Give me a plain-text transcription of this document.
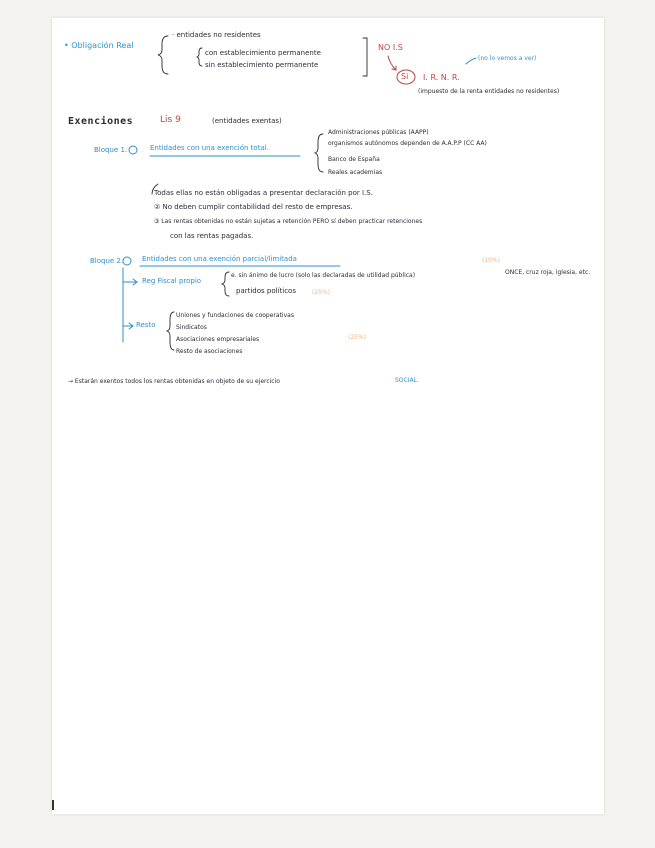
• Obligación Real
· entidades no residentes
con establecimiento permanente
sin establecimiento permanente
NO I.S
(no lo vemos a ver)
Si I. R. N. R.
(impuesto de la renta entidades no residentes)
Exenciones	Lis 9	(entidades exentas)
Bloque 1.	Entidades con una exención total.
Administraciones públicas (AAPP)
organismos autónomos dependen de A.A.P.P (CC AA)
Banco de España
Reales academias
Todas ellas no están obligadas a presentar declaración por I.S.
② No deben cumplir contabilidad del resto de empresas.
③ Las rentas obtenidas no están sujetas a retención PERO sí deben practicar retenciones
con las rentas pagadas.
Bloque 2.	Entidades con una exención parcial/limitada	(10%)
Reg Fiscal propio
e. sin ánimo de lucro (solo las declaradas de utilidad pública)	ONCE, cruz roja, iglesia, etc.
partidos políticos	(25%)
Resto
Uniones y fundaciones de cooperativas
Sindicatos
Asociaciones empresariales
Resto de asociaciones
(25%)
→ Estarán exentos todos los rentas obtenidas en objeto de su ejercicio	SOCIAL.
